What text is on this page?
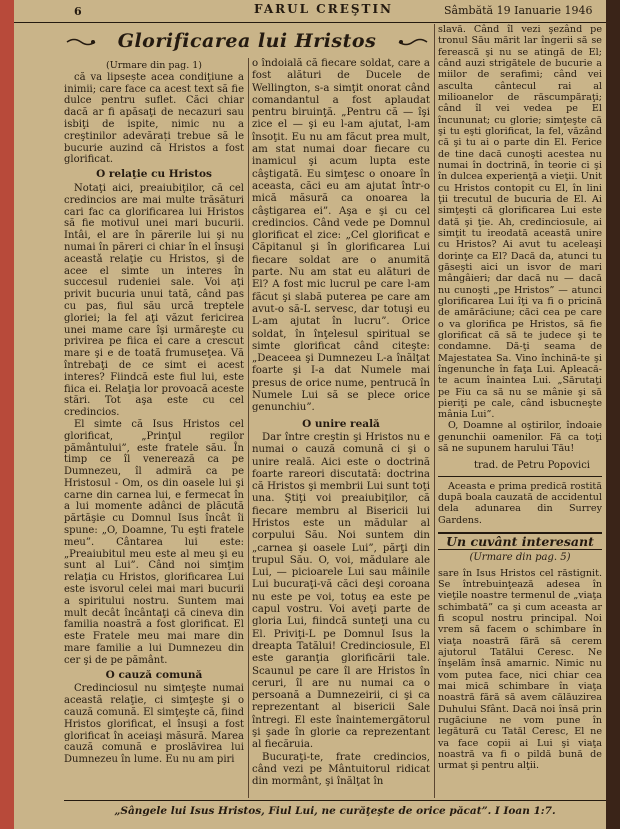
6	FARUL CREŞTIN	Sâmbătă 19 Ianuarie 1946
Glorificarea lui Hristos

(Urmare din pag. 1)

că va lipsește acea condiţiune a inimii; care face ca acest text să fie dulce pentru suflet. Căci chiar dacă ar fi apăsaţi de necazuri sau isbiţi de ispite, nimic nu a creştinilor adevărați trebue să le bucurie auzind că Hristos a fost glorificat.

O relaţie cu Hristos

Notaţi aici, preaiubiţilor, că cel credincios are mai multe trăsături cari fac ca glorificarea lui Hristos să fie motivul unei mari bucurii. Intâi, el are în părerile lui şi nu numai în păreri ci chiar în el însuşi aceastǎ relaţie cu Hristos, şi de acee el simte un interes în succesul rudeniei sale. Voi aţi privit bucuria unui tată, când pas cu pas, fiul său urcă treptele gloriei; la fel aţi văzut fericirea unei mame care îşi urmăreşte cu privirea pe fiica ei care a crescut mare şi e de toată frumuseţea. Vă întrebaţi de ce simt ei acest interes? Fiindcă este fiul lui, este fiica ei. Relaţia lor provoacă aceste stări. Tot aşa este cu cel credincios.

El simte că Isus Hristos cel glorificat, „Prinţul regilor pământului”, este fratele său. În timp ce îl venerează ca pe Dumnezeu, îl admiră ca pe Hristosul - Om, os din oasele lui şi carne din carnea lui, e fermecat în a lui momente adânci de plăcută părtăşie cu Domnul Isus încât îi spune: „O, Doamne, Tu eşti fratele meu”. Cântarea lui este: „Preaiubitul meu este al meu şi eu sunt al Lui”. Când noi simţim relaţia cu Hristos, glorificarea Lui este isvorul celei mai mari bucurii a spiritului nostru. Suntem mai mult decât încântaţi că cineva din familia noastră a fost glorificat. El este Fratele meu mai mare din mare familie a lui Dumnezeu din cer şi de pe pământ.

O cauză comună

Credinciosul nu simţeşte numai această relaţie, ci simţeşte şi o cauză comună. El simţeşte că, fiind Hristos glorificat, el însuşi a fost glorificat în aceiaşi măsură. Marea cauză comună e proslăvirea lui Dumnezeu în lume. Eu nu am piri

o îndoială că fiecare soldat, care a fost alături de Ducele de Wellington, s-a simţit onorat când comandantul a fost aplaudat pentru biruinţă. „Pentru că — îşi zice el — şi eu l-am ajutat, l-am însoţit. Eu nu am făcut prea mult, am stat numai doar fiecare cu inamicul şi acum lupta este câştigată. Eu simţesc o onoare în aceasta, căci eu am ajutat într-o mică măsură ca onoarea la câştigarea ei”. Aşa e şi cu cel credincios. Când vede pe Domnul glorificat el zice: „Cel glorificat e Căpitanul şi în glorificarea Lui fiecare soldat are o anumită parte. Nu am stat eu alături de El? A fost mic lucrul pe care l-am făcut şi slabă puterea pe care am avut-o să-L servesc, dar totuşi eu L-am ajutat în lucru”. Orice soldat, în înţelesul spiritual se simte glorificat când citeşte: „Deaceea şi Dumnezeu L-a înălţat foarte şi I-a dat Numele mai presus de orice nume, pentrucă în Numele Lui să se plece orice genunchiu”.

O unire reală

Dar între creştin şi Hristos nu e numai o cauză comună ci şi o unire reală. Aici este o doctrină foarte rareori discutată: doctrina că Hristos şi membrii Lui sunt toţi una. Ştiţi voi preaiubiţilor, că fiecare membru al Bisericii lui Hristos este un mădular al corpului Său. Noi suntem din „carnea şi oasele Lui”, părţi din trupul Său. O, voi, mădulare ale Lui, — picioarele Lui sau mâinile Lui bucuraţi-vă căci deşi coroana nu este pe voi, totuş ea este pe capul vostru. Voi aveţi parte de gloria Lui, fiindcă sunteţi una cu El. Priviţi-L pe Domnul Isus la dreapta Tatălui! Credinciosule, El este garanţia glorificării tale. Scaunul pe care îl are Hristos în ceruri, îl are nu numai ca o persoană a Dumnezeirii, ci şi ca reprezentant al bisericii Sale întregi. El este înaintemergătorul şi şade în glorie ca reprezentant al fiecăruia.

Bucuraţi-te, frate credincios, când vezi pe Mântuitorul ridicat din mormânt, şi înălţat în

slavă. Când îl vezi şezând pe tronul Său mărit lar îngerii să se ferească şi nu se atingă de El; când auzi strigătele de bucurie a miilor de serafimi; când vei asculta cântecul rai al milioanelor de răscumpăraţi; când îl vei vedea pe El încununat; cu glorie; simţeşte că şi tu eşti glorificat, la fel, văzând că şi tu ai o parte din El. Ferice de tine dacă cunoşti acestea nu numai în doctrină, în teorie ci şi în dulcea experienţă a vieţii. Unit cu Hristos contopit cu El, în lini ţii trecutul de bucuria de El. Ai simţeşti că glorificarea Lui este dată şi ţie. Ah, credinciosule, ai simţit tu ireodată această unire cu Hristos? Ai avut tu aceleaşi dorinţe ca El? Dacă da, atunci tu găseşti aici un isvor de mari mângâieri; dar dacă nu — dacă nu cunoşti „pe Hristos” — atunci glorificarea Lui îţi va fi o pricină de amărăciune; căci cea pe care o va glorifica pe Hristos, să fie glorificat că să te judece şi te condamne. Dă-ţi seama de Majestatea Sa. Vino închină-te şi îngenunche în faţa Lui. Apleacă-te acum înaintea Lui. „Sărutaţi pe Fiu ca să nu se mânie şi să pieriţi pe cale, când isbucneşte mânia Lui”.

O, Doamne al oştirilor, îndoaie genunchii oamenilor. Fă ca toţi să ne supunem harului Tău!

trad. de Petru Popovici

Aceasta e prima predică rostită după boala cauzată de accidentul dela adunarea din Surrey Gardens.

Un cuvânt interesant
(Urmare din pag. 5)

sare în Isus Hristos cel răstignit. Se întrebuinţează adesea în vieţile noastre termenul de „viaţa schimbată” ca şi cum aceasta ar fi scopul nostru principal. Noi vrem să facem o schimbare în viaţa noastră fără să cerem ajutorul Tatălui Ceresc. Ne înşelăm însă amarnic. Nimic nu vom putea face, nici chiar cea mai mică schimbare în viaţa noastră fără să avem călăuzirea Duhului Sfânt. Dacă noi însă prin rugăciune ne vom pune în legătură cu Tatăl Ceresc, El ne va face copii ai Lui şi viaţa noastră va fi o pildă bună de urmat şi pentru alţii.

„Sângele lui Isus Hristos, Fiul Lui, ne curăţeşte de orice păcat”. I Ioan 1:7.
